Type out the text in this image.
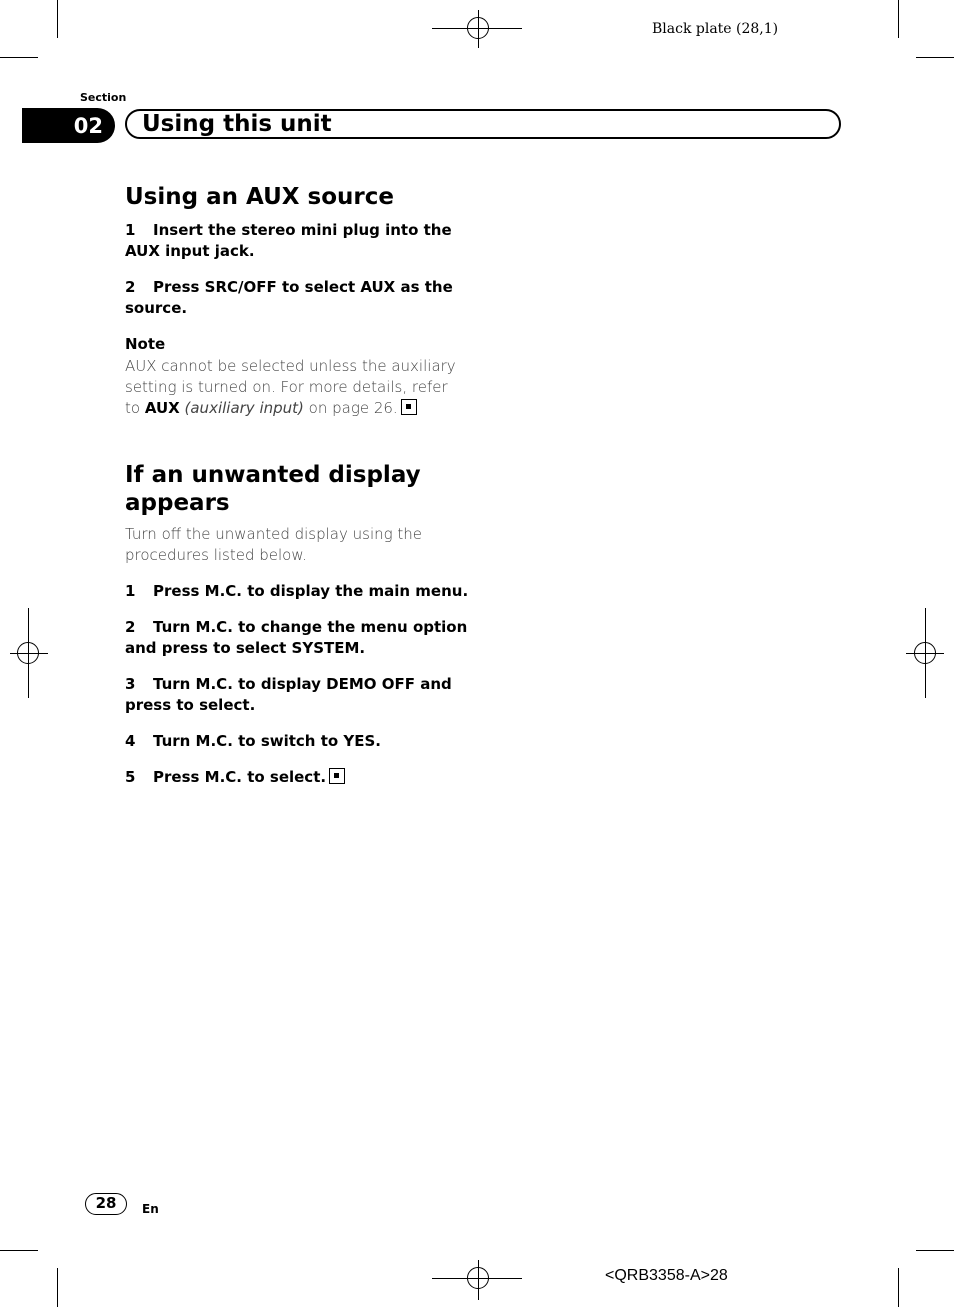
Black plate (28,1)
Section
02 Using this unit
Using an AUX source
1 Insert the stereo mini plug into the AUX input jack.
2 Press SRC/OFF to select AUX as the source.
Note
AUX cannot be selected unless the auxiliary setting is turned on. For more details, refer to AUX (auxiliary input) on page 26.
If an unwanted display appears
Turn off the unwanted display using the procedures listed below.
1 Press M.C. to display the main menu.
2 Turn M.C. to change the menu option and press to select SYSTEM.
3 Turn M.C. to display DEMO OFF and press to select.
4 Turn M.C. to switch to YES.
5 Press M.C. to select.
28	En
<QRB3358-A>28
